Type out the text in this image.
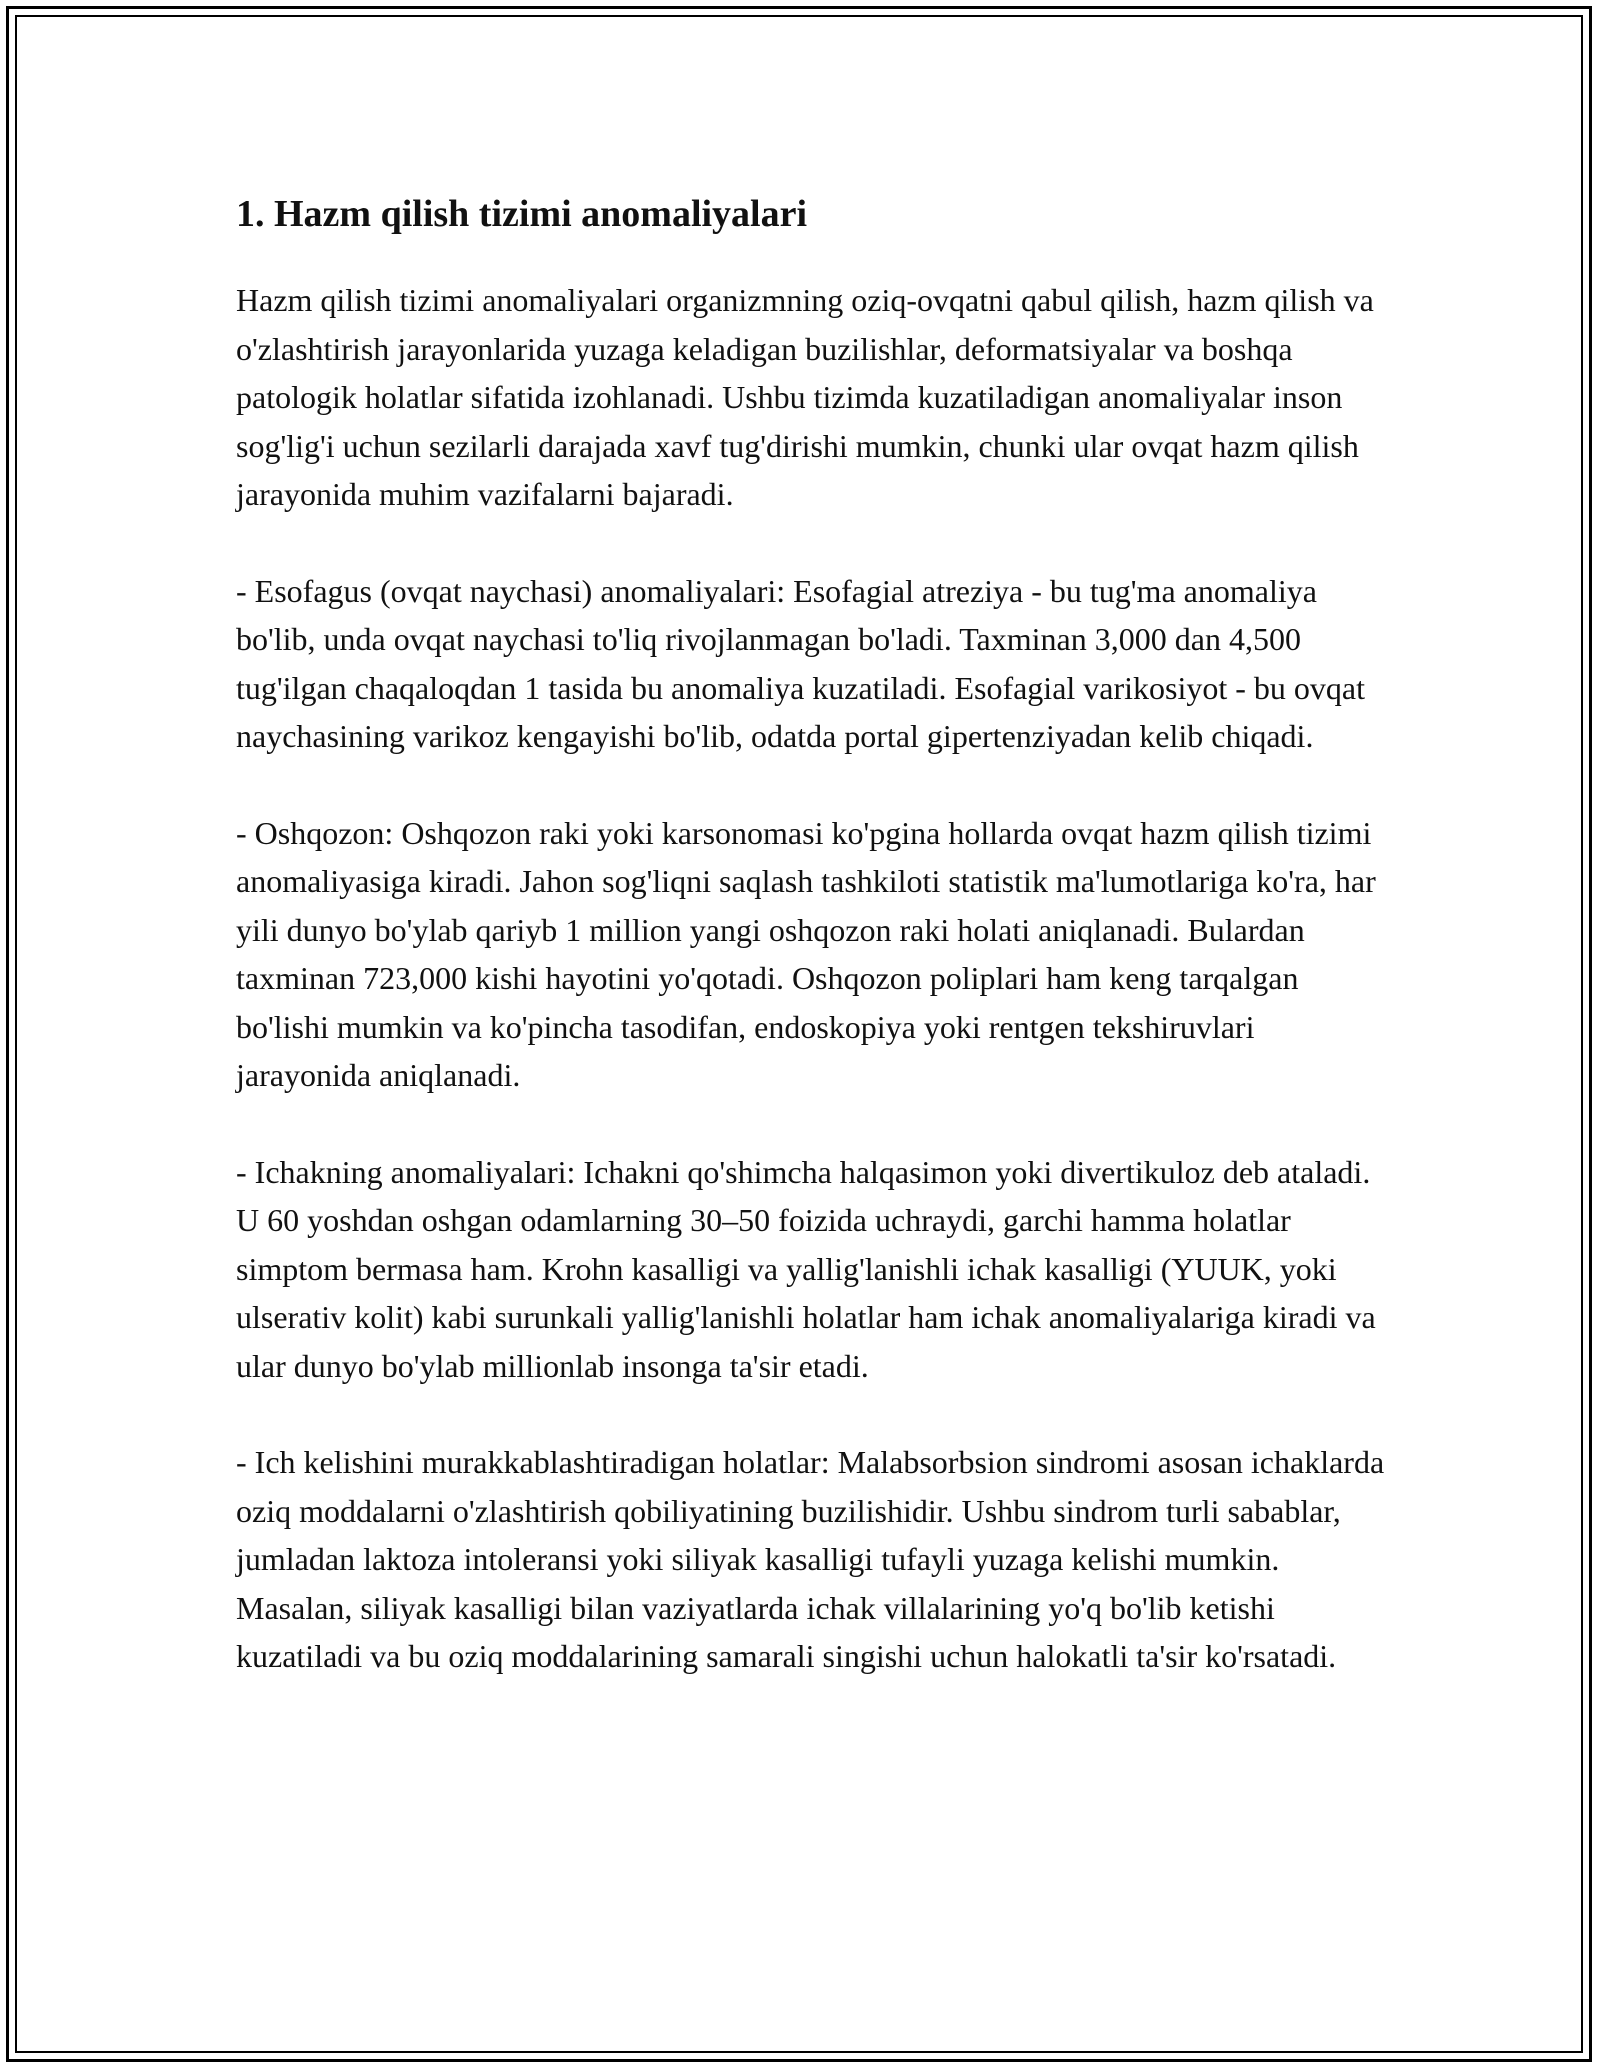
1. Hazm qilish tizimi anomaliyalari

Hazm qilish tizimi anomaliyalari organizmning oziq-ovqatni qabul qilish, hazm qilish va o'zlashtirish jarayonlarida yuzaga keladigan buzilishlar, deformatsiyalar va boshqa patologik holatlar sifatida izohlanadi. Ushbu tizimda kuzatiladigan anomaliyalar inson sog'lig'i uchun sezilarli darajada xavf tug'dirishi mumkin, chunki ular ovqat hazm qilish jarayonida muhim vazifalarni bajaradi.

- Esofagus (ovqat naychasi) anomaliyalari: Esofagial atreziya - bu tug'ma anomaliya bo'lib, unda ovqat naychasi to'liq rivojlanmagan bo'ladi. Taxminan 3,000 dan 4,500 tug'ilgan chaqaloqdan 1 tasida bu anomaliya kuzatiladi. Esofagial varikosiyot - bu ovqat naychasining varikoz kengayishi bo'lib, odatda portal gipertenziyadan kelib chiqadi.

- Oshqozon: Oshqozon raki yoki karsonomasi ko'pgina hollarda ovqat hazm qilish tizimi anomaliyasiga kiradi. Jahon sog'liqni saqlash tashkiloti statistik ma'lumotlariga ko'ra, har yili dunyo bo'ylab qariyb 1 million yangi oshqozon raki holati aniqlanadi. Bulardan taxminan 723,000 kishi hayotini yo'qotadi. Oshqozon poliplari ham keng tarqalgan bo'lishi mumkin va ko'pincha tasodifan, endoskopiya yoki rentgen tekshiruvlari jarayonida aniqlanadi.

- Ichakning anomaliyalari: Ichakni qo'shimcha halqasimon yoki divertikuloz deb ataladi. U 60 yoshdan oshgan odamlarning 30–50 foizida uchraydi, garchi hamma holatlar simptom bermasa ham. Krohn kasalligi va yallig'lanishli ichak kasalligi (YUUK, yoki ulserativ kolit) kabi surunkali yallig'lanishli holatlar ham ichak anomaliyalariga kiradi va ular dunyo bo'ylab millionlab insonga ta'sir etadi.

- Ich kelishini murakkablashtiradigan holatlar: Malabsorbsion sindromi asosan ichaklarda oziq moddalarni o'zlashtirish qobiliyatining buzilishidir. Ushbu sindrom turli sabablar, jumladan laktoza intoleransi yoki siliyak kasalligi tufayli yuzaga kelishi mumkin. Masalan, siliyak kasalligi bilan vaziyatlarda ichak villalarining yo'q bo'lib ketishi kuzatiladi va bu oziq moddalarining samarali singishi uchun halokatli ta'sir ko'rsatadi.
